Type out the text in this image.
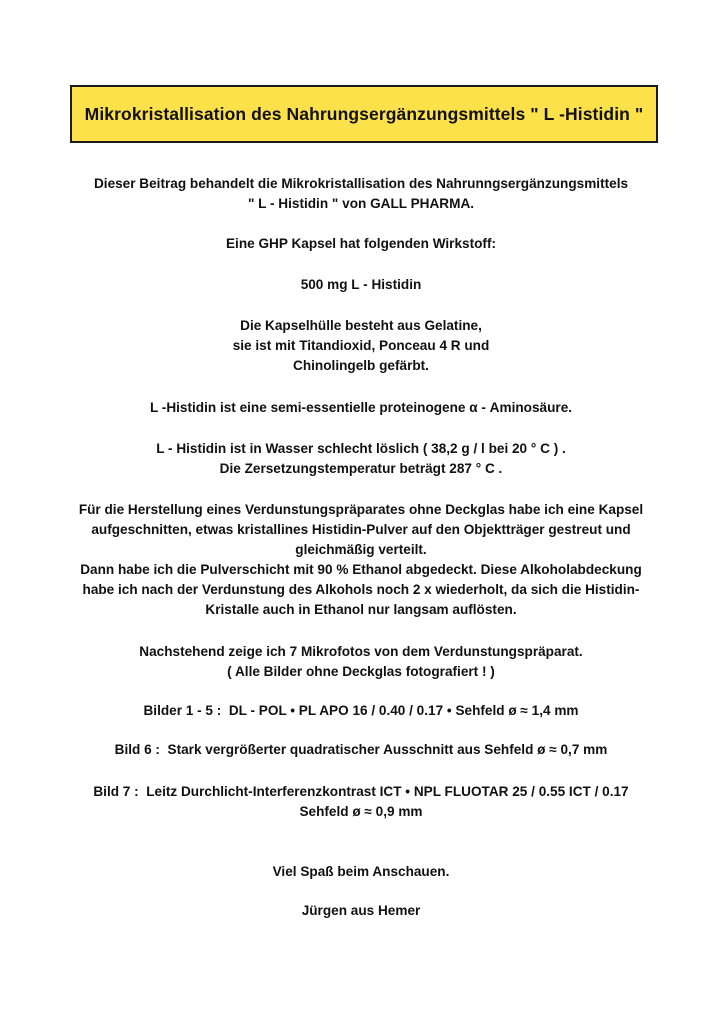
Mikrokristallisation des Nahrungsergänzungsmittels " L -Histidin "
Dieser Beitrag behandelt die Mikrokristallisation des Nahrunngsergänzungsmittels
" L - Histidin " von GALL PHARMA.
Eine GHP Kapsel hat folgenden Wirkstoff:
500 mg L - Histidin
Die Kapselhülle besteht aus Gelatine,
sie ist mit Titandioxid, Ponceau 4 R und
Chinolingelb gefärbt.
L -Histidin ist eine semi-essentielle proteinogene α - Aminosäure.
L - Histidin ist in Wasser schlecht löslich ( 38,2 g / l bei 20 ° C ) .
Die Zersetzungstemperatur beträgt 287 ° C .
Für die Herstellung eines Verdunstungspräparates ohne Deckglas habe ich eine Kapsel
aufgeschnitten, etwas kristallines Histidin-Pulver auf den Objektträger gestreut und
gleichmäßig verteilt.
Dann habe ich die Pulverschicht mit 90 % Ethanol abgedeckt. Diese Alkoholabdeckung
habe ich nach der Verdunstung des Alkohols noch 2 x wiederholt, da sich die Histidin-
Kristalle auch in Ethanol nur langsam auflösten.
Nachstehend zeige ich 7 Mikrofotos von dem Verdunstungspräparat.
( Alle Bilder ohne Deckglas fotografiert ! )
Bilder 1 - 5 :  DL - POL • PL APO 16 / 0.40 / 0.17 • Sehfeld ø ≈ 1,4 mm
Bild 6 :  Stark vergrößerter quadratischer Ausschnitt aus Sehfeld ø ≈ 0,7 mm
Bild 7 :  Leitz Durchlicht-Interferenzkontrast ICT • NPL FLUOTAR 25 / 0.55 ICT / 0.17
Sehfeld ø ≈ 0,9 mm
Viel Spaß beim Anschauen.
Jürgen aus Hemer
